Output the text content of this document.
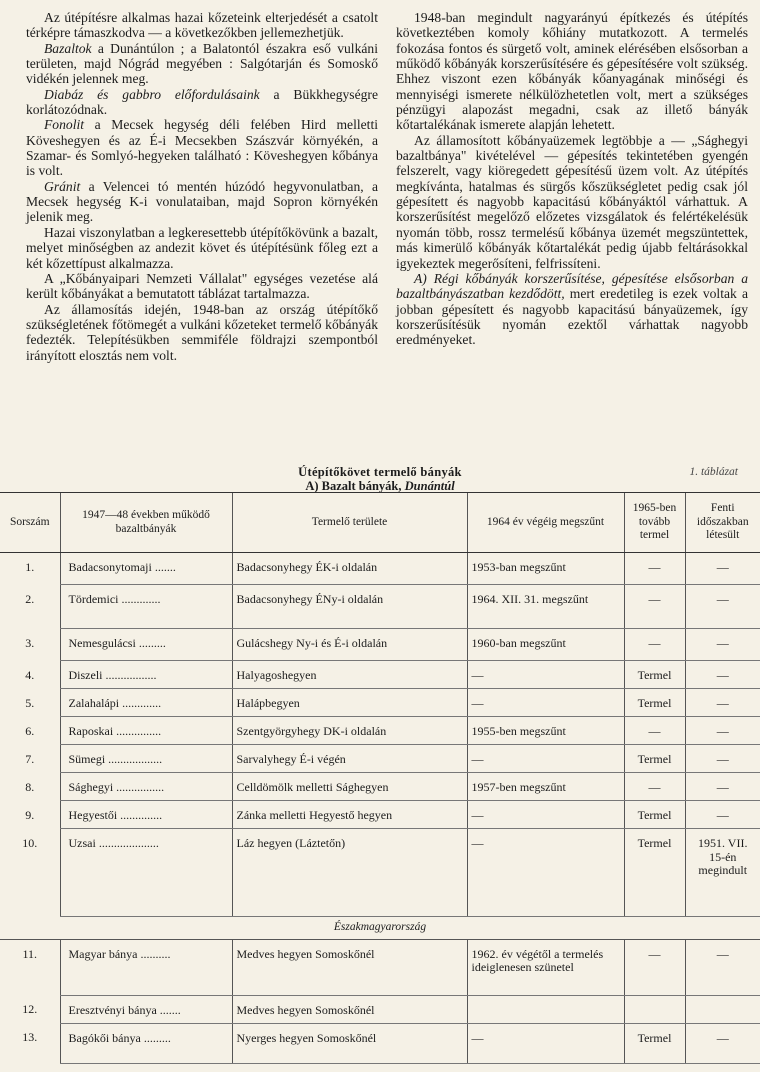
Az útépítésre alkalmas hazai kőzeteink elterjedését a csatolt térképre támaszkodva — a következőkben jellemezhetjük.

Bazaltok a Dunántúlon ; a Balatontól északra eső vulkáni területen, majd Nógrád megyében : Salgótarján és Somoskő vidékén jelennek meg.

Diabáz és gabbro előfordulásaink a Bükkhegységre korlátozódnak.

Fonolit a Mecsek hegység déli felében Hird melletti Köveshegyen és az É-i Mecsekben Szászvár környékén, a Szamar- és Somlyó-hegyeken található : Köveshegyen kőbánya is volt.

Gránit a Velencei tó mentén húzódó hegyvonulatban, a Mecsek hegység K-i vonulataiban, majd Sopron környékén jelenik meg.

Hazai viszonylatban a legkeresettebb útépítőkövünk a bazalt, melyet minőségben az andezit követ és útépítésünk főleg ezt a két kőzettípust alkalmazza.

A „Kőbányaipari Nemzeti Vállalat" egységes vezetése alá került kőbányákat a bemutatott táblázat tartalmazza.

Az államosítás idején, 1948-ban az ország útépítőkő szükségletének főtömegét a vulkáni kőzeteket termelő kőbányák fedezték. Telepítésükben semmiféle földrajzi szempontból irányított elosztás nem volt.

1948-ban megindult nagyarányú építkezés és útépítés következtében komoly kőhiány mutatkozott. A termelés fokozása fontos és sürgető volt, aminek elérésében elsősorban a működő kőbányák korszerűsítésére és gépesítésére volt szükség. Ehhez viszont ezen kőbányák kőanyagának minőségi és mennyiségi ismerete nélkülözhetetlen volt, mert a szükséges pénzügyi alapozást megadni, csak az illető bányák kőtartalékának ismerete alapján lehetett.

Az államosított kőbányaüzemek legtöbbje a — „Sághegyi bazaltbánya" kivételével — gépesítés tekintetében gyengén felszerelt, vagy kiöregedett gépesítésű üzem volt. Az útépítés megkívánta, hatalmas és sürgős kőszükségletet pedig csak jól gépesített és nagyobb kapacitású kőbányáktól várhattuk. A korszerűsítést megelőző előzetes vizsgálatok és felértékelésük nyomán több, rossz termelésű kőbánya üzemét megszüntettek, más kimerülő kőbányák kőtartalékát pedig újabb feltárásokkal igyekeztek megerősíteni, felfrissíteni.

A) Régi kőbányák korszerűsítése, gépesítése elsősorban a bazaltbányászatban kezdődött, mert eredetileg is ezek voltak a jobban gépesített és nagyobb kapacitású bányaüzemek, így korszerűsítésük nyomán ezektől várhattak nagyobb eredményeket.

Útépítőkövet termelő bányák
A) Bazalt bányák, Dunántúl
1. táblázat
Sorszám	1947—48 években működő bazaltbányák	Termelő területe	1964 év végéig megszűnt	1965-ben tovább termel	Fenti időszakban létesült
1.	Badacsonytomaji .......	Badacsonyhegy ÉK-i oldalán	1953-ban megszűnt	—	—
2.	Tördemici .............	Badacsonyhegy ÉNy-i oldalán	1964. XII. 31. megszűnt	—	—
3.	Nemesgulácsi .........	Gulácshegy Ny-i és É-i oldalán	1960-ban megszűnt	—	—
4.	Diszeli .................	Halyagoshegyen	—	Termel	—
5.	Zalahalápi .............	Halápbegyen	—	Termel	—
6.	Raposkai ...............	Szentgyörgyhegy DK-i oldalán	1955-ben megszűnt	—	—
7.	Sümegi ..................	Sarvalyhegy É-i végén	—	Termel	—
8.	Sághegyi ................	Celldömölk melletti Sághegyen	1957-ben megszűnt	—	—
9.	Hegyestői ..............	Zánka melletti Hegyestő hegyen	—	Termel	—
10.	Uzsai ....................	Láz hegyen (Láztetőn)	—	Termel	1951. VII. 15-én megindult
Északmagyarország					
11.	Magyar bánya ..........	Medves hegyen Somoskőnél	1962. év végétől a termelés ideiglenesen szünetel	—	—
12.	Eresztvényi bánya .......	Medves hegyen Somoskőnél			
13.	Bagókői bánya .........	Nyerges hegyen Somoskőnél	—	Termel	—
